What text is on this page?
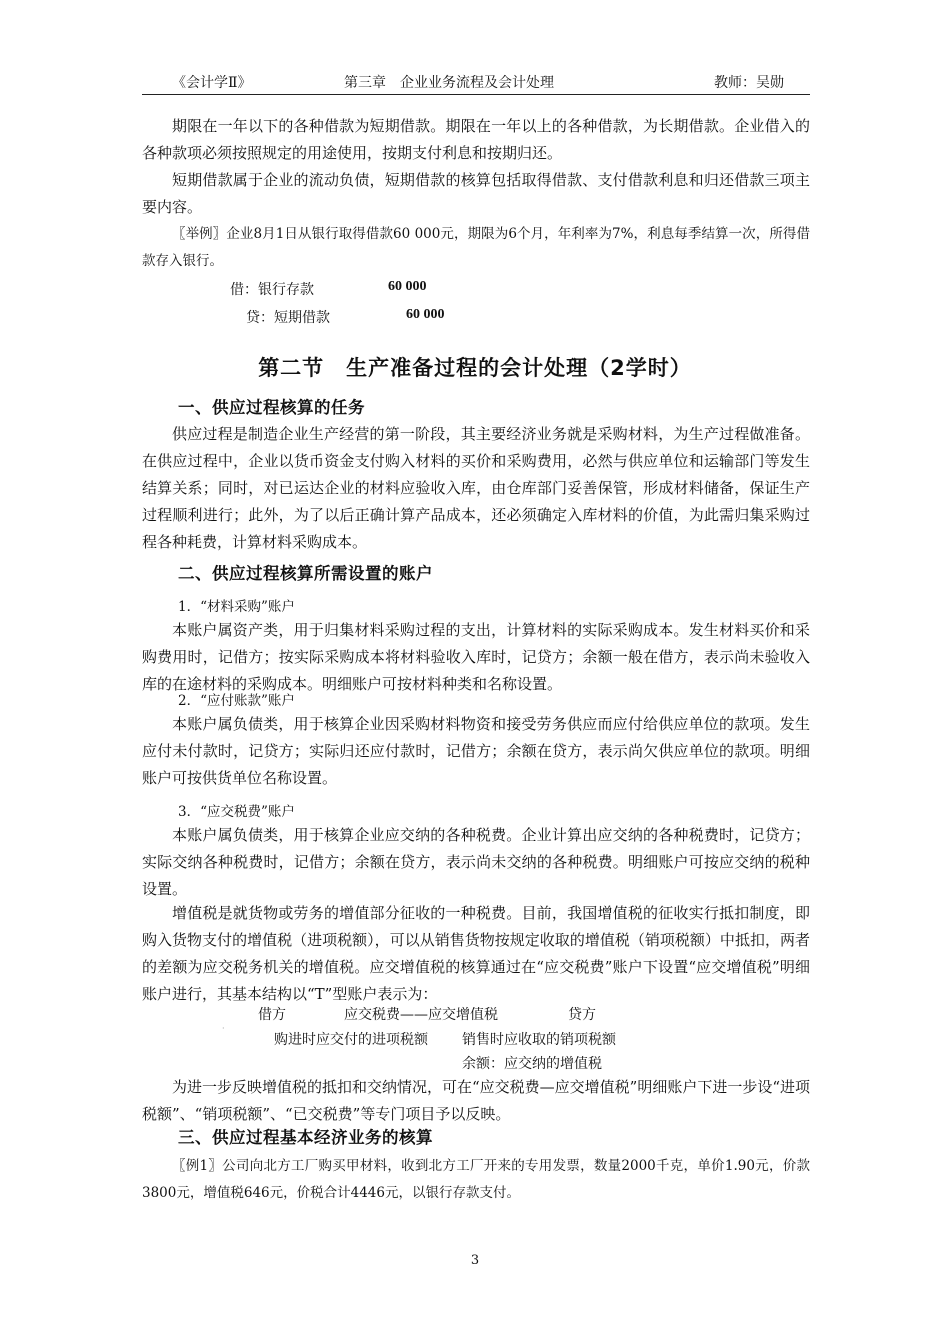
《会计学Ⅱ》	第三章　企业业务流程及会计处理	教师：吴勋

期限在一年以下的各种借款为短期借款。期限在一年以上的各种借款，为长期借款。企业借入的各种款项必须按照规定的用途使用，按期支付利息和按期归还。

短期借款属于企业的流动负债，短期借款的核算包括取得借款、支付借款利息和归还借款三项主要内容。

〖举例〗企业8月1日从银行取得借款60 000元，期限为6个月，年利率为7%，利息每季结算一次，所得借款存入银行。

借：银行存款	60 000
贷：短期借款	60 000
第二节　生产准备过程的会计处理（2学时）
一、供应过程核算的任务

供应过程是制造企业生产经营的第一阶段，其主要经济业务就是采购材料，为生产过程做准备。在供应过程中，企业以货币资金支付购入材料的买价和采购费用，必然与供应单位和运输部门等发生结算关系；同时，对已运达企业的材料应验收入库，由仓库部门妥善保管，形成材料储备，保证生产过程顺利进行；此外，为了以后正确计算产品成本，还必须确定入库材料的价值，为此需归集采购过程各种耗费，计算材料采购成本。

二、供应过程核算所需设置的账户
1．“材料采购”账户

本账户属资产类，用于归集材料采购过程的支出，计算材料的实际采购成本。发生材料买价和采购费用时，记借方；按实际采购成本将材料验收入库时，记贷方；余额一般在借方，表示尚未验收入库的在途材料的采购成本。明细账户可按材料种类和名称设置。

2．“应付账款”账户

本账户属负债类，用于核算企业因采购材料物资和接受劳务供应而应付给供应单位的款项。发生应付未付款时，记贷方；实际归还应付款时，记借方；余额在贷方，表示尚欠供应单位的款项。明细账户可按供货单位名称设置。

3．“应交税费”账户

本账户属负债类，用于核算企业应交纳的各种税费。企业计算出应交纳的各种税费时，记贷方；实际交纳各种税费时，记借方；余额在贷方，表示尚未交纳的各种税费。明细账户可按应交纳的税种设置。

增值税是就货物或劳务的增值部分征收的一种税费。目前，我国增值税的征收实行抵扣制度，即购入货物支付的增值税（进项税额），可以从销售货物按规定收取的增值税（销项税额）中抵扣，两者的差额为应交税务机关的增值税。应交增值税的核算通过在“应交税费”账户下设置“应交增值税”明细账户进行，其基本结构以“T”型账户表示为：

借方	应交税费——应交增值税	贷方
·
购进时应交付的进项税额 销售时应收取的销项税额
余额：应交纳的增值税

为进一步反映增值税的抵扣和交纳情况，可在“应交税费—应交增值税”明细账户下进一步设“进项税额”、“销项税额”、“已交税费”等专门项目予以反映。

三、供应过程基本经济业务的核算

〖例1〗公司向北方工厂购买甲材料，收到北方工厂开来的专用发票，数量2000千克，单价1.90元，价款3800元，增值税646元，价税合计4446元，以银行存款支付。

3
